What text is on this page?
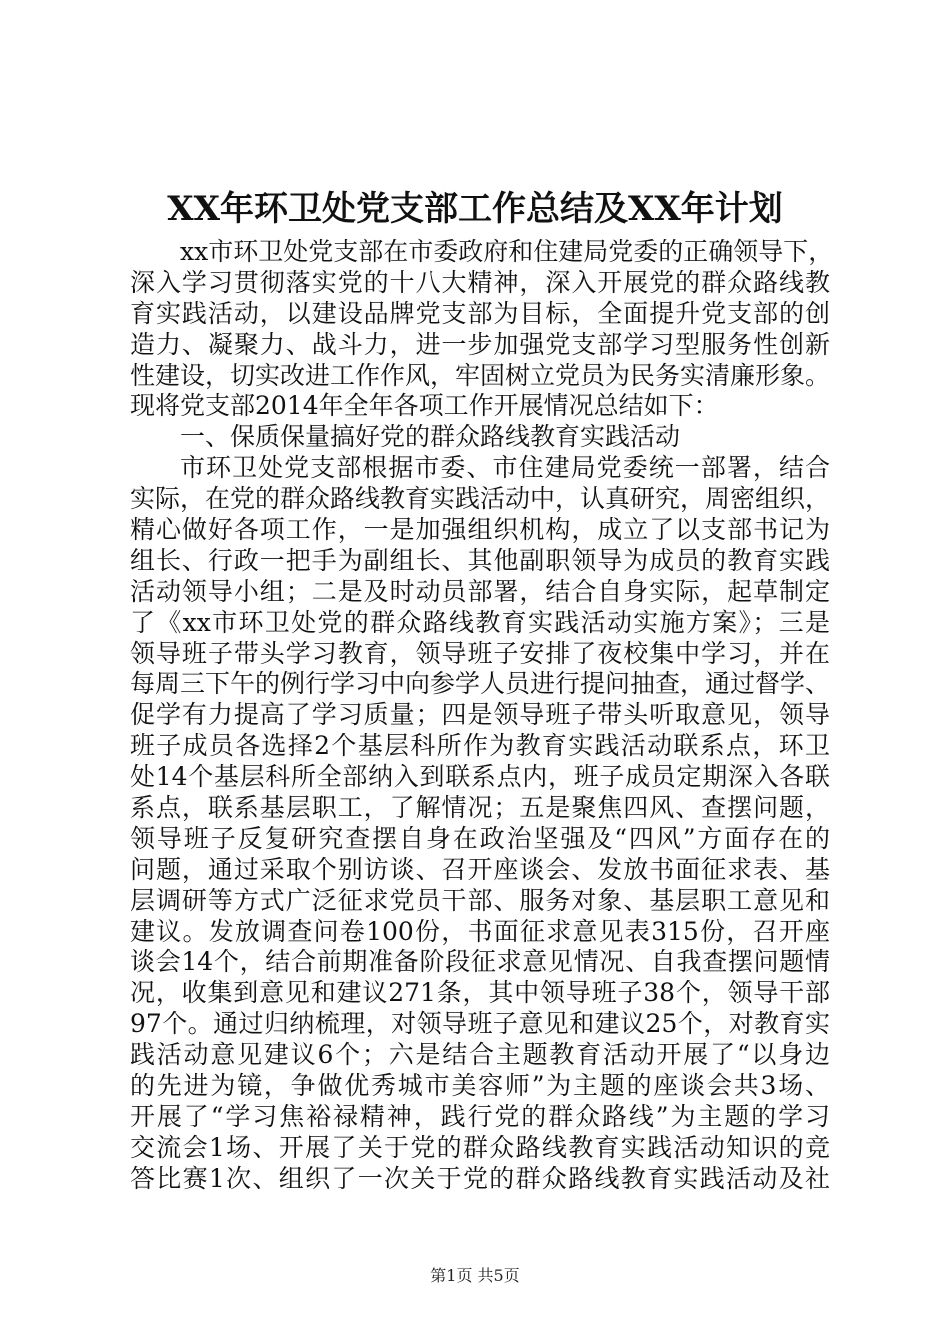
XX年环卫处党支部工作总结及XX年计划
xx市环卫处党支部在市委政府和住建局党委的正确领导下，
深入学习贯彻落实党的十八大精神，深入开展党的群众路线教
育实践活动，以建设品牌党支部为目标，全面提升党支部的创
造力、凝聚力、战斗力，进一步加强党支部学习型服务性创新
性建设，切实改进工作作风，牢固树立党员为民务实清廉形象。
现将党支部2014年全年各项工作开展情况总结如下：
一、保质保量搞好党的群众路线教育实践活动
市环卫处党支部根据市委、市住建局党委统一部署，结合
实际，在党的群众路线教育实践活动中，认真研究，周密组织，
精心做好各项工作，一是加强组织机构，成立了以支部书记为
组长、行政一把手为副组长、其他副职领导为成员的教育实践
活动领导小组；二是及时动员部署，结合自身实际，起草制定
了《xx市环卫处党的群众路线教育实践活动实施方案》；三是
领导班子带头学习教育，领导班子安排了夜校集中学习，并在
每周三下午的例行学习中向参学人员进行提问抽查，通过督学、
促学有力提高了学习质量；四是领导班子带头听取意见，领导
班子成员各选择2个基层科所作为教育实践活动联系点，环卫
处14个基层科所全部纳入到联系点内，班子成员定期深入各联
系点，联系基层职工，了解情况；五是聚焦四风、查摆问题，
领导班子反复研究查摆自身在政治坚强及“四风”方面存在的
问题，通过采取个别访谈、召开座谈会、发放书面征求表、基
层调研等方式广泛征求党员干部、服务对象、基层职工意见和
建议。发放调查问卷100份，书面征求意见表315份，召开座
谈会14个，结合前期准备阶段征求意见情况、自我查摆问题情
况，收集到意见和建议271条，其中领导班子38个，领导干部
97个。通过归纳梳理，对领导班子意见和建议25个，对教育实
践活动意见建议6个；六是结合主题教育活动开展了“以身边
的先进为镜，争做优秀城市美容师”为主题的座谈会共3场、
开展了“学习焦裕禄精神，践行党的群众路线”为主题的学习
交流会1场、开展了关于党的群众路线教育实践活动知识的竞
答比赛1次、组织了一次关于党的群众路线教育实践活动及社
第1页 共5页
